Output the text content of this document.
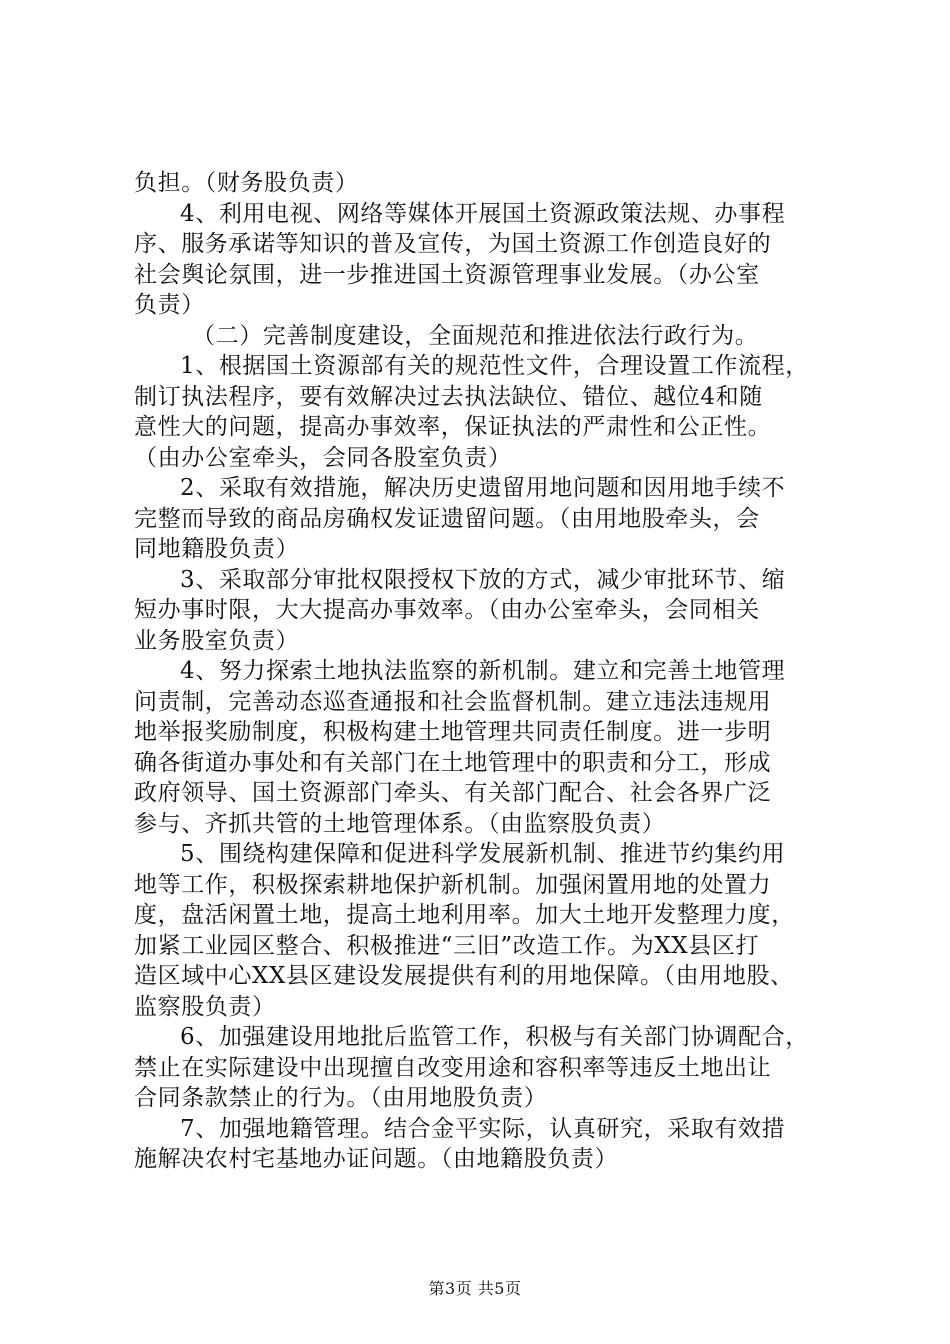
负担。（财务股负责）
4、利用电视、网络等媒体开展国土资源政策法规、办事程
序、服务承诺等知识的普及宣传，为国土资源工作创造良好的
社会舆论氛围，进一步推进国土资源管理事业发展。（办公室
负责）
（二）完善制度建设，全面规范和推进依法行政行为。
1、根据国土资源部有关的规范性文件，合理设置工作流程，
制订执法程序，要有效解决过去执法缺位、错位、越位4和随
意性大的问题，提高办事效率，保证执法的严肃性和公正性。
（由办公室牵头，会同各股室负责）
2、采取有效措施，解决历史遗留用地问题和因用地手续不
完整而导致的商品房确权发证遗留问题。（由用地股牵头，会
同地籍股负责）
3、采取部分审批权限授权下放的方式，减少审批环节、缩
短办事时限，大大提高办事效率。（由办公室牵头，会同相关
业务股室负责）
4、努力探索土地执法监察的新机制。建立和完善土地管理
问责制，完善动态巡查通报和社会监督机制。建立违法违规用
地举报奖励制度，积极构建土地管理共同责任制度。进一步明
确各街道办事处和有关部门在土地管理中的职责和分工，形成
政府领导、国土资源部门牵头、有关部门配合、社会各界广泛
参与、齐抓共管的土地管理体系。（由监察股负责）
5、围绕构建保障和促进科学发展新机制、推进节约集约用
地等工作，积极探索耕地保护新机制。加强闲置用地的处置力
度，盘活闲置土地，提高土地利用率。加大土地开发整理力度，
加紧工业园区整合、积极推进“三旧”改造工作。为XX县区打
造区域中心XX县区建设发展提供有利的用地保障。（由用地股、
监察股负责）
6、加强建设用地批后监管工作，积极与有关部门协调配合，
禁止在实际建设中出现擅自改变用途和容积率等违反土地出让
合同条款禁止的行为。（由用地股负责）
7、加强地籍管理。结合金平实际，认真研究，采取有效措
施解决农村宅基地办证问题。（由地籍股负责）
第3页 共5页
